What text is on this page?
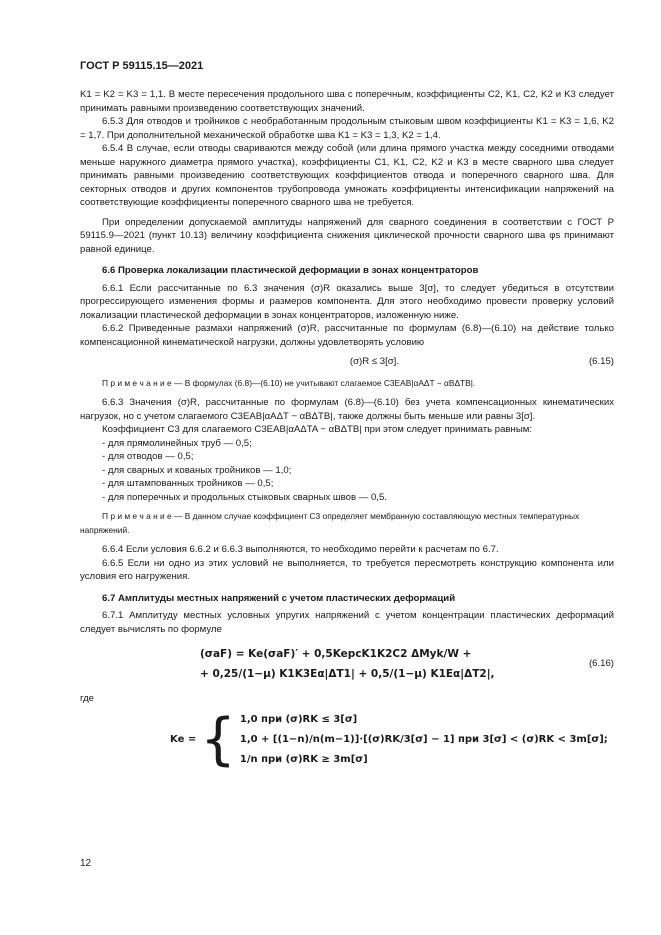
ГОСТ Р 59115.15—2021
K1 = K2 = K3 = 1,1. В месте пересечения продольного шва с поперечным, коэффициенты C2, K1, C2, K2 и K3 следует принимать равными произведению соответствующих значений.
6.5.3 Для отводов и тройников с необработанным продольным стыковым швом коэффициенты K1 = K3 = 1,6, K2 = 1,7. При дополнительной механической обработке шва K1 = K3 = 1,3, K2 = 1,4.
6.5.4 В случае, если отводы свариваются между собой (или длина прямого участка между соседними отводами меньше наружного диаметра прямого участка), коэффициенты C1, K1, C2, K2 и K3 в месте сварного шва следует принимать равными произведению соответствующих коэффициентов отвода и поперечного сварного шва. Для секторных отводов и других компонентов трубопровода умножать коэффициенты интенсификации напряжений на соответствующие коэффициенты поперечного сварного шва не требуется.
При определении допускаемой амплитуды напряжений для сварного соединения в соответствии с ГОСТ Р 59115.9—2021 (пункт 10.13) величину коэффициента снижения циклической прочности сварного шва φs принимают равной единице.
6.6 Проверка локализации пластической деформации в зонах концентраторов
6.6.1 Если рассчитанные по 6.3 значения (σ)R оказались выше 3[σ], то следует убедиться в отсутствии прогрессирующего изменения формы и размеров компонента. Для этого необходимо провести проверку условий локализации пластической деформации в зонах концентраторов, изложенную ниже.
6.6.2 Приведенные размахи напряжений (σ)R, рассчитанные по формулам (6.8)—(6.10) на действие только компенсационной кинематической нагрузки, должны удовлетворять условию
(σ)R ≤ 3[σ].	(6.15)
П р и м е ч а н и е — В формулах (6.8)—(6.10) не учитывают слагаемое C3EAB|αAΔT − αBΔTB|.
6.6.3 Значения (σ)R, рассчитанные по формулам (6.8)—(6.10) без учета компенсационных кинематических нагрузок, но с учетом слагаемого C3EAB|αAΔT − αBΔTB|, также должны быть меньше или равны 3[σ].
Коэффициент C3 для слагаемого C3EAB|αAΔTA − αBΔTB| при этом следует принимать равным:
- для прямолинейных труб — 0,5;
- для отводов — 0,5;
- для сварных и кованых тройников — 1,0;
- для штампованных тройников — 0,5;
- для поперечных и продольных стыковых сварных швов — 0,5.
П р и м е ч а н и е — В данном случае коэффициент C3 определяет мембранную составляющую местных температурных напряжений.
6.6.4 Если условия 6.6.2 и 6.6.3 выполняются, то необходимо перейти к расчетам по 6.7.
6.6.5 Если ни одно из этих условий не выполняется, то требуется пересмотреть конструкцию компонента или условия его нагружения.
6.7 Амплитуды местных напряжений с учетом пластических деформаций
6.7.1 Амплитуду местных условных упругих напряжений с учетом концентрации пластических деформаций следует вычислять по формуле
(σaF) = Ke(σaF)′ + 0,5KepcK1K2C2 ΔMyk/W +
+ 0,25/(1−μ) K1K3Eα|ΔT1| + 0,5/(1−μ) K1Eα|ΔT2|,
(6.16)
где
Ke = { 1,0 при (σ)RK ≤ 3[σ]
1,0 + [(1−n)/n(m−1)]·[(σ)RK/3[σ] − 1] при 3[σ] < (σ)RK < 3m[σ];
1/n при (σ)RK ≥ 3m[σ]
12
